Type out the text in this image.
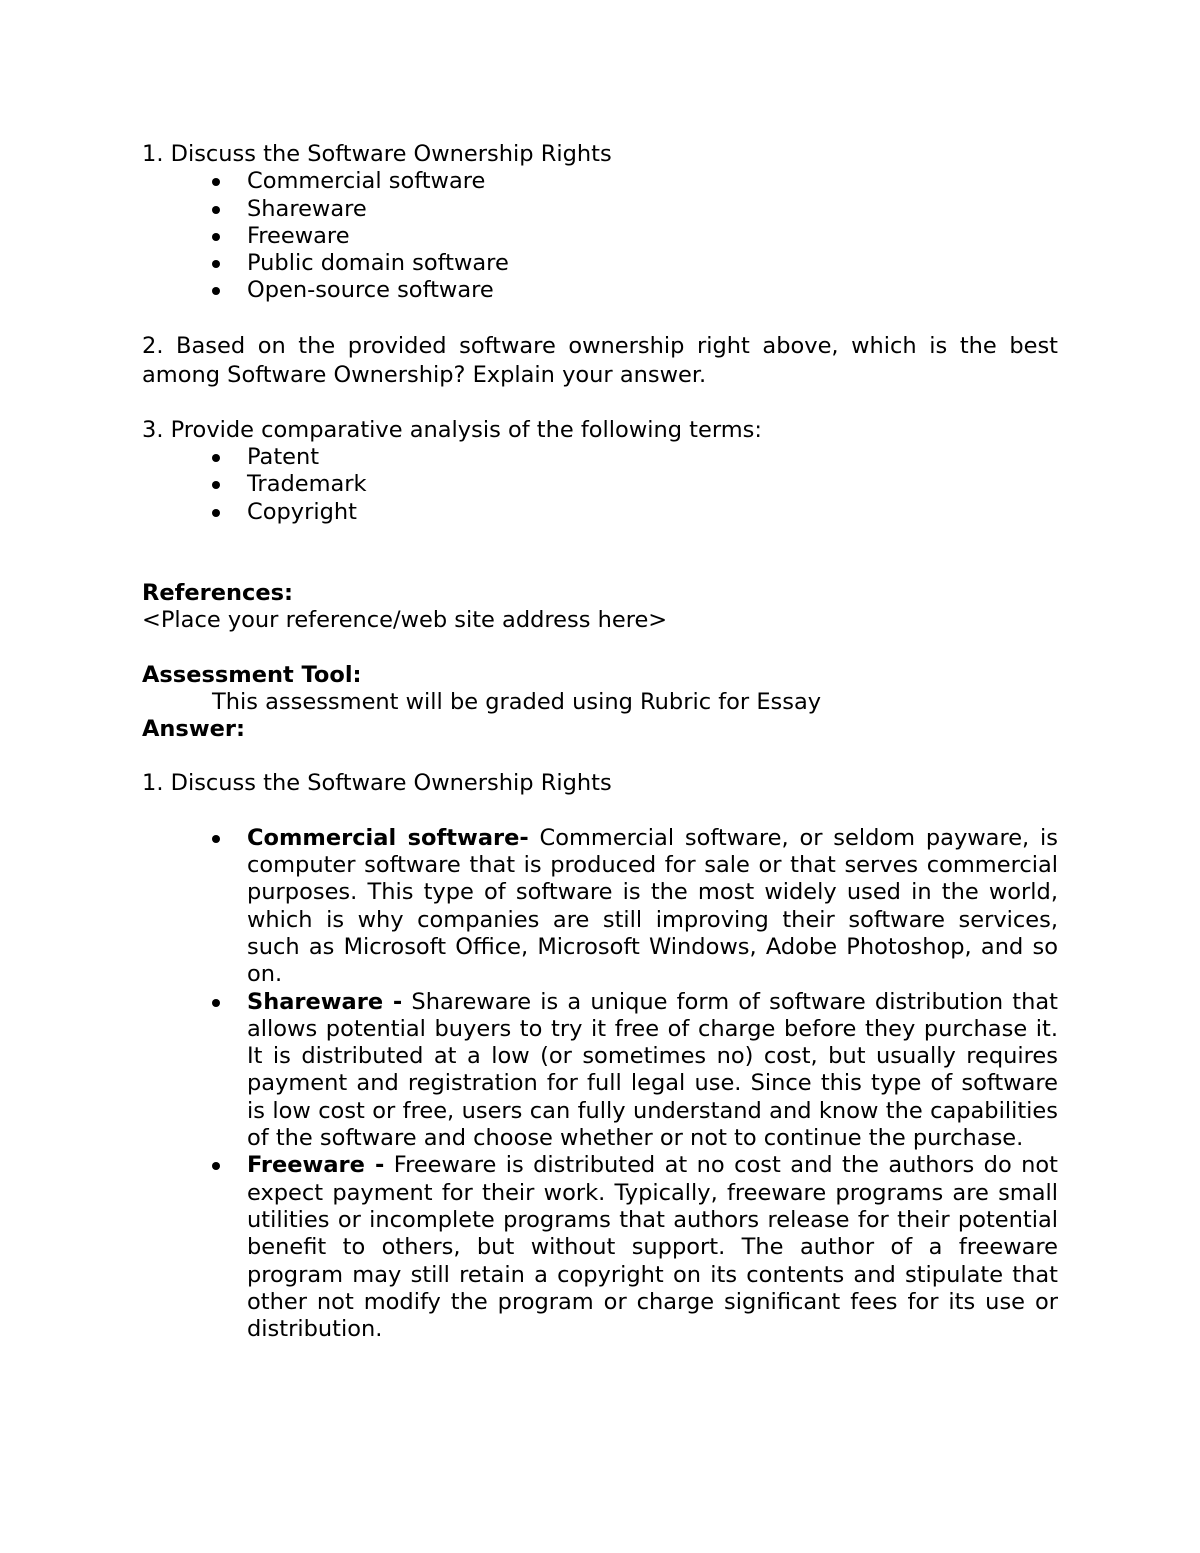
1. Discuss the Software Ownership Rights

Commercial software
Shareware
Freeware
Public domain software
Open-source software

2. Based on the provided software ownership right above, which is the best among Software Ownership? Explain your answer.

3. Provide comparative analysis of the following terms:

Patent
Trademark
Copyright

References:

<Place your reference/web site address here>

Assessment Tool:

This assessment will be graded using Rubric for Essay

Answer:

1. Discuss the Software Ownership Rights

Commercial software- Commercial software, or seldom payware, is computer software that is produced for sale or that serves commercial purposes. This type of software is the most widely used in the world, which is why companies are still improving their software services, such as Microsoft Office, Microsoft Windows, Adobe Photoshop, and so on.
Shareware - Shareware is a unique form of software distribution that allows potential buyers to try it free of charge before they purchase it. It is distributed at a low (or sometimes no) cost, but usually requires payment and registration for full legal use. Since this type of software is low cost or free, users can fully understand and know the capabilities of the software and choose whether or not to continue the purchase.
Freeware - Freeware is distributed at no cost and the authors do not expect payment for their work. Typically, freeware programs are small utilities or incomplete programs that authors release for their potential benefit to others, but without support. The author of a freeware program may still retain a copyright on its contents and stipulate that other not modify the program or charge significant fees for its use or distribution.
